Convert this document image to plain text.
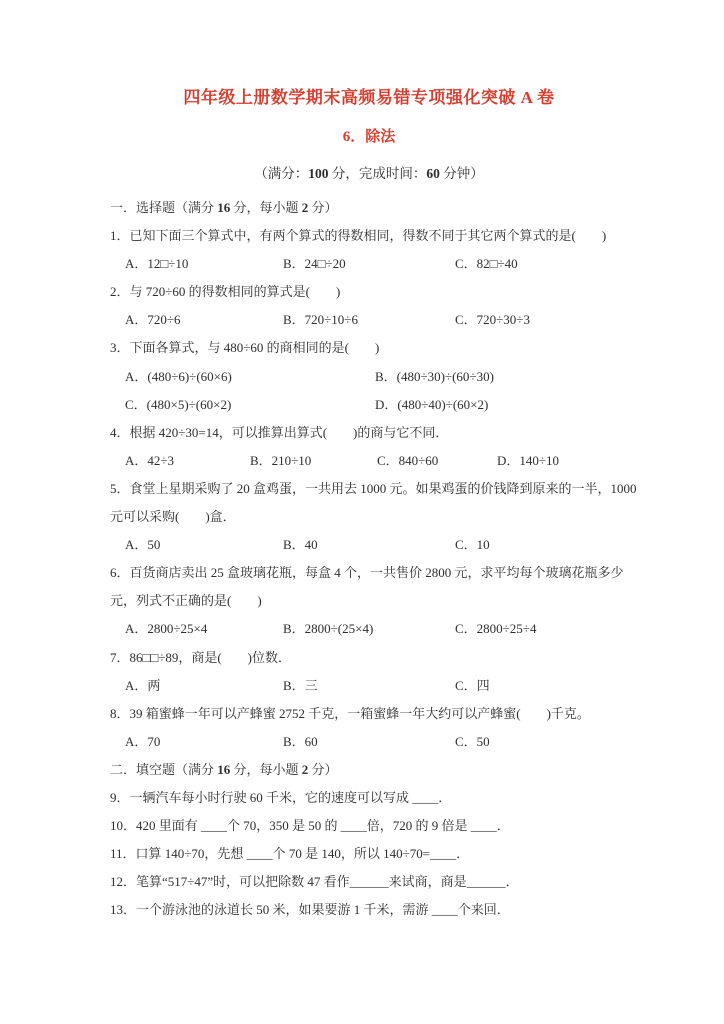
四年级上册数学期末高频易错专项强化突破 A 卷
6．除法
（满分：100 分，完成时间：60 分钟）
一．选择题（满分 16 分，每小题 2 分）
1．已知下面三个算式中，有两个算式的得数相同，得数不同于其它两个算式的是(　　)
A．12□÷10	B．24□÷20	C．82□÷40
2．与 720÷60 的得数相同的算式是(　　)
A．720÷6	B．720÷10÷6	C．720÷30÷3
3．下面各算式，与 480÷60 的商相同的是(　　)
A．(480÷6)÷(60×6)	B．(480÷30)÷(60÷30)
C．(480×5)÷(60×2)	D．(480÷40)÷(60×2)
4．根据 420÷30=14，可以推算出算式(　　)的商与它不同．
A．42÷3	B．210÷10	C．840÷60	D．140÷10
5．食堂上星期采购了 20 盒鸡蛋，一共用去 1000 元。如果鸡蛋的价钱降到原来的一半，1000
元可以采购(　　)盒．
A．50	B．40	C．10
6．百货商店卖出 25 盒玻璃花瓶，每盒 4 个，一共售价 2800 元，求平均每个玻璃花瓶多少
元，列式不正确的是(　　)
A．2800÷25×4	B．2800÷(25×4)	C．2800÷25÷4
7．86□□÷89，商是(　　)位数．
A．两	B．三	C．四
8．39 箱蜜蜂一年可以产蜂蜜 2752 千克，一箱蜜蜂一年大约可以产蜂蜜(　　)千克。
A．70	B．60	C．50
二．填空题（满分 16 分，每小题 2 分）
9．一辆汽车每小时行驶 60 千米，它的速度可以写成 ____．
10．420 里面有 ____个 70，350 是 50 的 ____倍，720 的 9 倍是 ____．
11．口算 140÷70，先想 ____个 70 是 140，所以 140÷70=____．
12．笔算“517÷47”时，可以把除数 47 看作______来试商，商是______．
13．一个游泳池的泳道长 50 米，如果要游 1 千米，需游 ____个来回．
